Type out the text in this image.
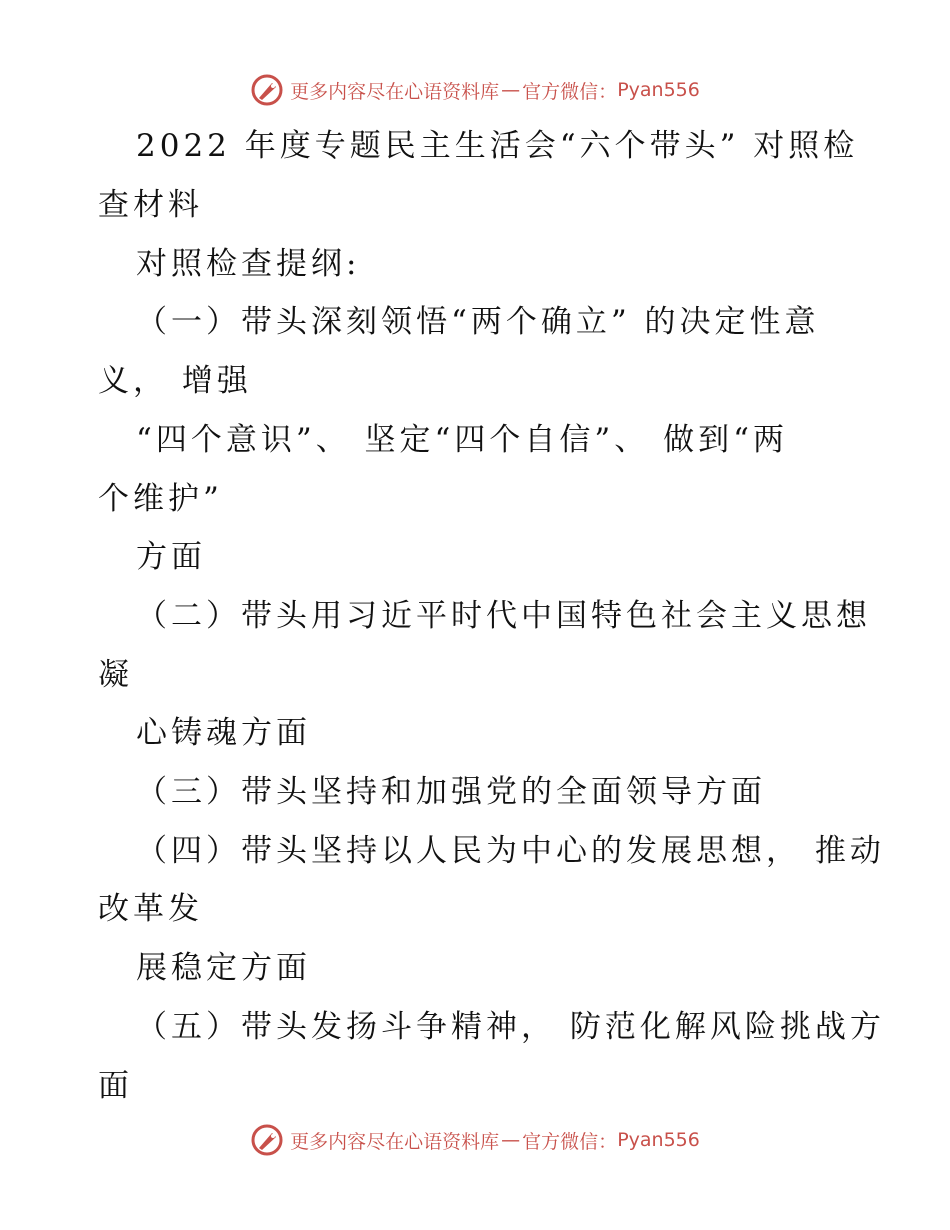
更多内容尽在心语资料库 — 官方微信： Pyan556
2022 年度专题民主生活会“六个带头” 对照检
查材料
对照检查提纲:
（一）带头深刻领悟“两个确立” 的决定性意
义， 增强
“四个意识”、 坚定“四个自信”、 做到“两
个维护”
方面
（二）带头用习近平时代中国特色社会主义思想
凝
心铸魂方面
（三）带头坚持和加强党的全面领导方面
（四）带头坚持以人民为中心的发展思想， 推动
改革发
展稳定方面
（五）带头发扬斗争精神， 防范化解风险挑战方
面
更多内容尽在心语资料库 — 官方微信： Pyan556
